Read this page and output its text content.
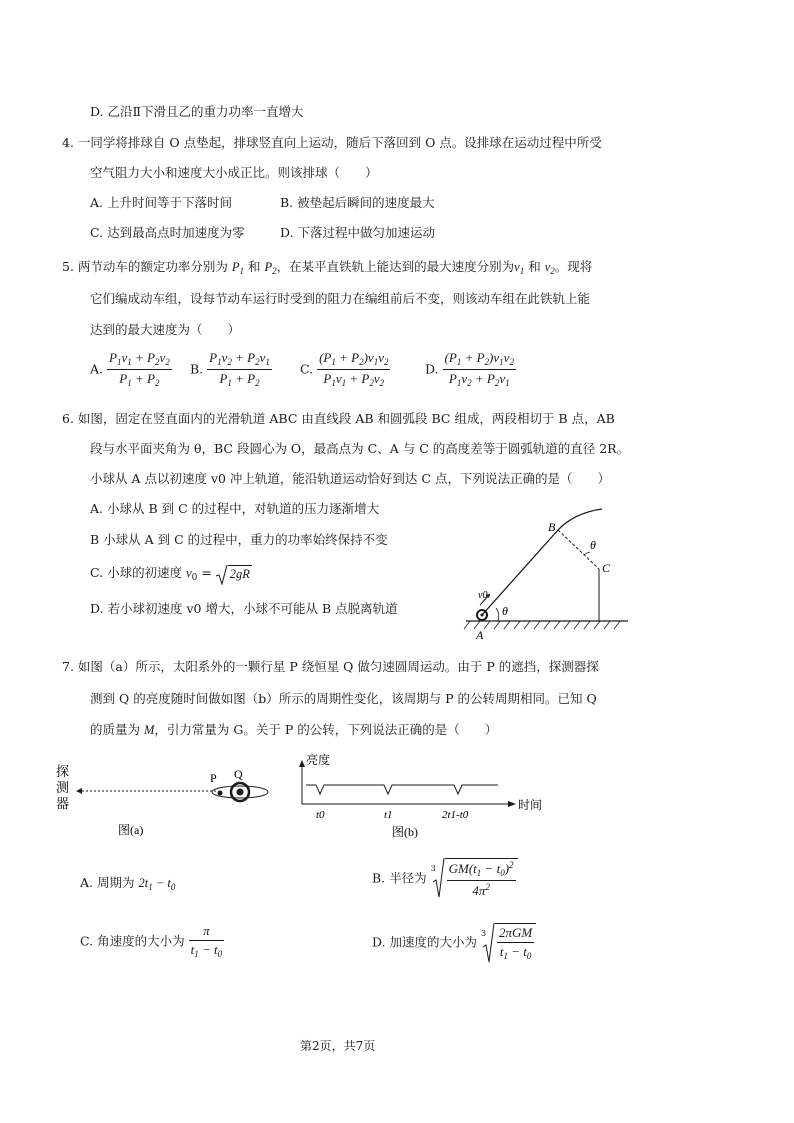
D. 乙沿Ⅱ下滑且乙的重力功率一直增大
4. 一同学将排球自 O 点垫起，排球竖直向上运动，随后下落回到 O 点。设排球在运动过程中所受
空气阻力大小和速度大小成正比。则该排球（　　）
A. 上升时间等于下落时间	B. 被垫起后瞬间的速度最大
C. 达到最高点时加速度为零	D. 下落过程中做匀加速运动
5. 两节动车的额定功率分别为 $P_1$ 和 $P_2$，在某平直铁轨上能达到的最大速度分别为$v_1$ 和 $v_2$。现将
它们编成动车组，设每节动车运行时受到的阻力在编组前后不变，则该动车组在此铁轨上能
达到的最大速度为（　　）
A. $\frac{P_1v_1 + P_2v_2}{P_1 + P_2} B$. $\frac{P_1v_2 + P_2v_1}{P_1 + P_2} C$. $\frac{(P_1 + P_2)v_1v_2}{P_1v_1 + P_2v_2}$	D. $\frac{(P_1 + P_2)v_1v_2}{P_1v_2 + P_2v_1}$
6. 如图，固定在竖直面内的光滑轨道 ABC 由直线段 AB 和圆弧段 BC 组成，两段相切于 B 点，AB
段与水平面夹角为 θ，BC 段圆心为 O，最高点为 C、A 与 C 的高度差等于圆弧轨道的直径 2R。
小球从 A 点以初速度 v0 冲上轨道，能沿轨道运动恰好到达 C 点，下列说法正确的是（　　）
A. 小球从 B 到 C 的过程中，对轨道的压力逐渐增大
B 小球从 A 到 C 的过程中，重力的功率始终保持不变
C. 小球的初速度 $v_0$ =
2gR
D. 若小球初速度 v0 增大，小球不可能从 B 点脱离轨道
B
C
A
θ
θ
v0
7. 如图（a）所示，太阳系外的一颗行星 P 绕恒星 Q 做匀速圆周运动。由于 P 的遮挡，探测器探
测到 Q 的亮度随时间做如图（b）所示的周期性变化，该周期与 P 的公转周期相同。已知 Q
的质量为 M，引力常量为 G。关于 P 的公转，下列说法正确的是（　　）
探
测
器
P Q
图(a)
亮度
时间
t0	t1	2t1-t0
图(b)
A. 周期为 $2t_1 - t_0$
B. 半径为
$3 \frac{GM(t_1 - t_0)^2}{4\pi^2}$
C. 角速度的大小为 $\frac{\pi}{t_1 - t_0}$	D. 加速度的大小为
$3 \frac{\text{2πGM}}{t_1 - t_0}$
第2页，共7页
